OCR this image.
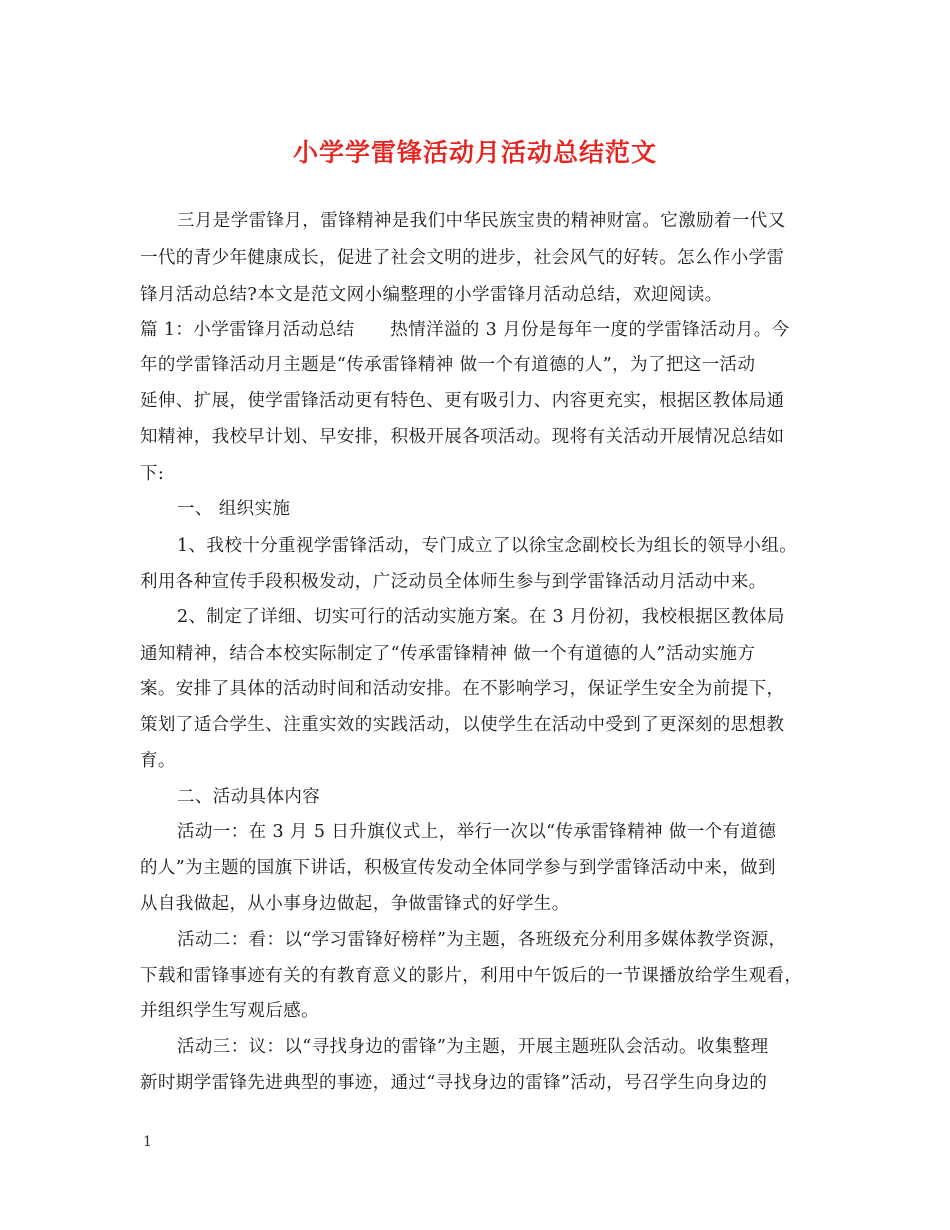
小学学雷锋活动月活动总结范文
三月是学雷锋月，雷锋精神是我们中华民族宝贵的精神财富。它激励着一代又
一代的青少年健康成长，促进了社会文明的进步，社会风气的好转。怎么作小学雷
锋月活动总结?本文是范文网小编整理的小学雷锋月活动总结，欢迎阅读。
篇 1：小学雷锋月活动总结　　热情洋溢的 3 月份是每年一度的学雷锋活动月。今
年的学雷锋活动月主题是“传承雷锋精神 做一个有道德的人”，为了把这一活动
延伸、扩展，使学雷锋活动更有特色、更有吸引力、内容更充实，根据区教体局通
知精神，我校早计划、早安排，积极开展各项活动。现将有关活动开展情况总结如
下:
一、 组织实施
1、我校十分重视学雷锋活动，专门成立了以徐宝念副校长为组长的领导小组。
利用各种宣传手段积极发动，广泛动员全体师生参与到学雷锋活动月活动中来。
2、制定了详细、切实可行的活动实施方案。在 3 月份初，我校根据区教体局
通知精神，结合本校实际制定了“传承雷锋精神 做一个有道德的人”活动实施方
案。安排了具体的活动时间和活动安排。在不影响学习，保证学生安全为前提下，
策划了适合学生、注重实效的实践活动，以使学生在活动中受到了更深刻的思想教
育。
二、活动具体内容
活动一：在 3 月 5 日升旗仪式上，举行一次以“传承雷锋精神 做一个有道德
的人”为主题的国旗下讲话，积极宣传发动全体同学参与到学雷锋活动中来，做到
从自我做起，从小事身边做起，争做雷锋式的好学生。
活动二：看：以“学习雷锋好榜样”为主题，各班级充分利用多媒体教学资源，
下载和雷锋事迹有关的有教育意义的影片，利用中午饭后的一节课播放给学生观看，
并组织学生写观后感。
活动三：议：以“寻找身边的雷锋”为主题，开展主题班队会活动。收集整理
新时期学雷锋先进典型的事迹，通过“寻找身边的雷锋”活动，号召学生向身边的
1
